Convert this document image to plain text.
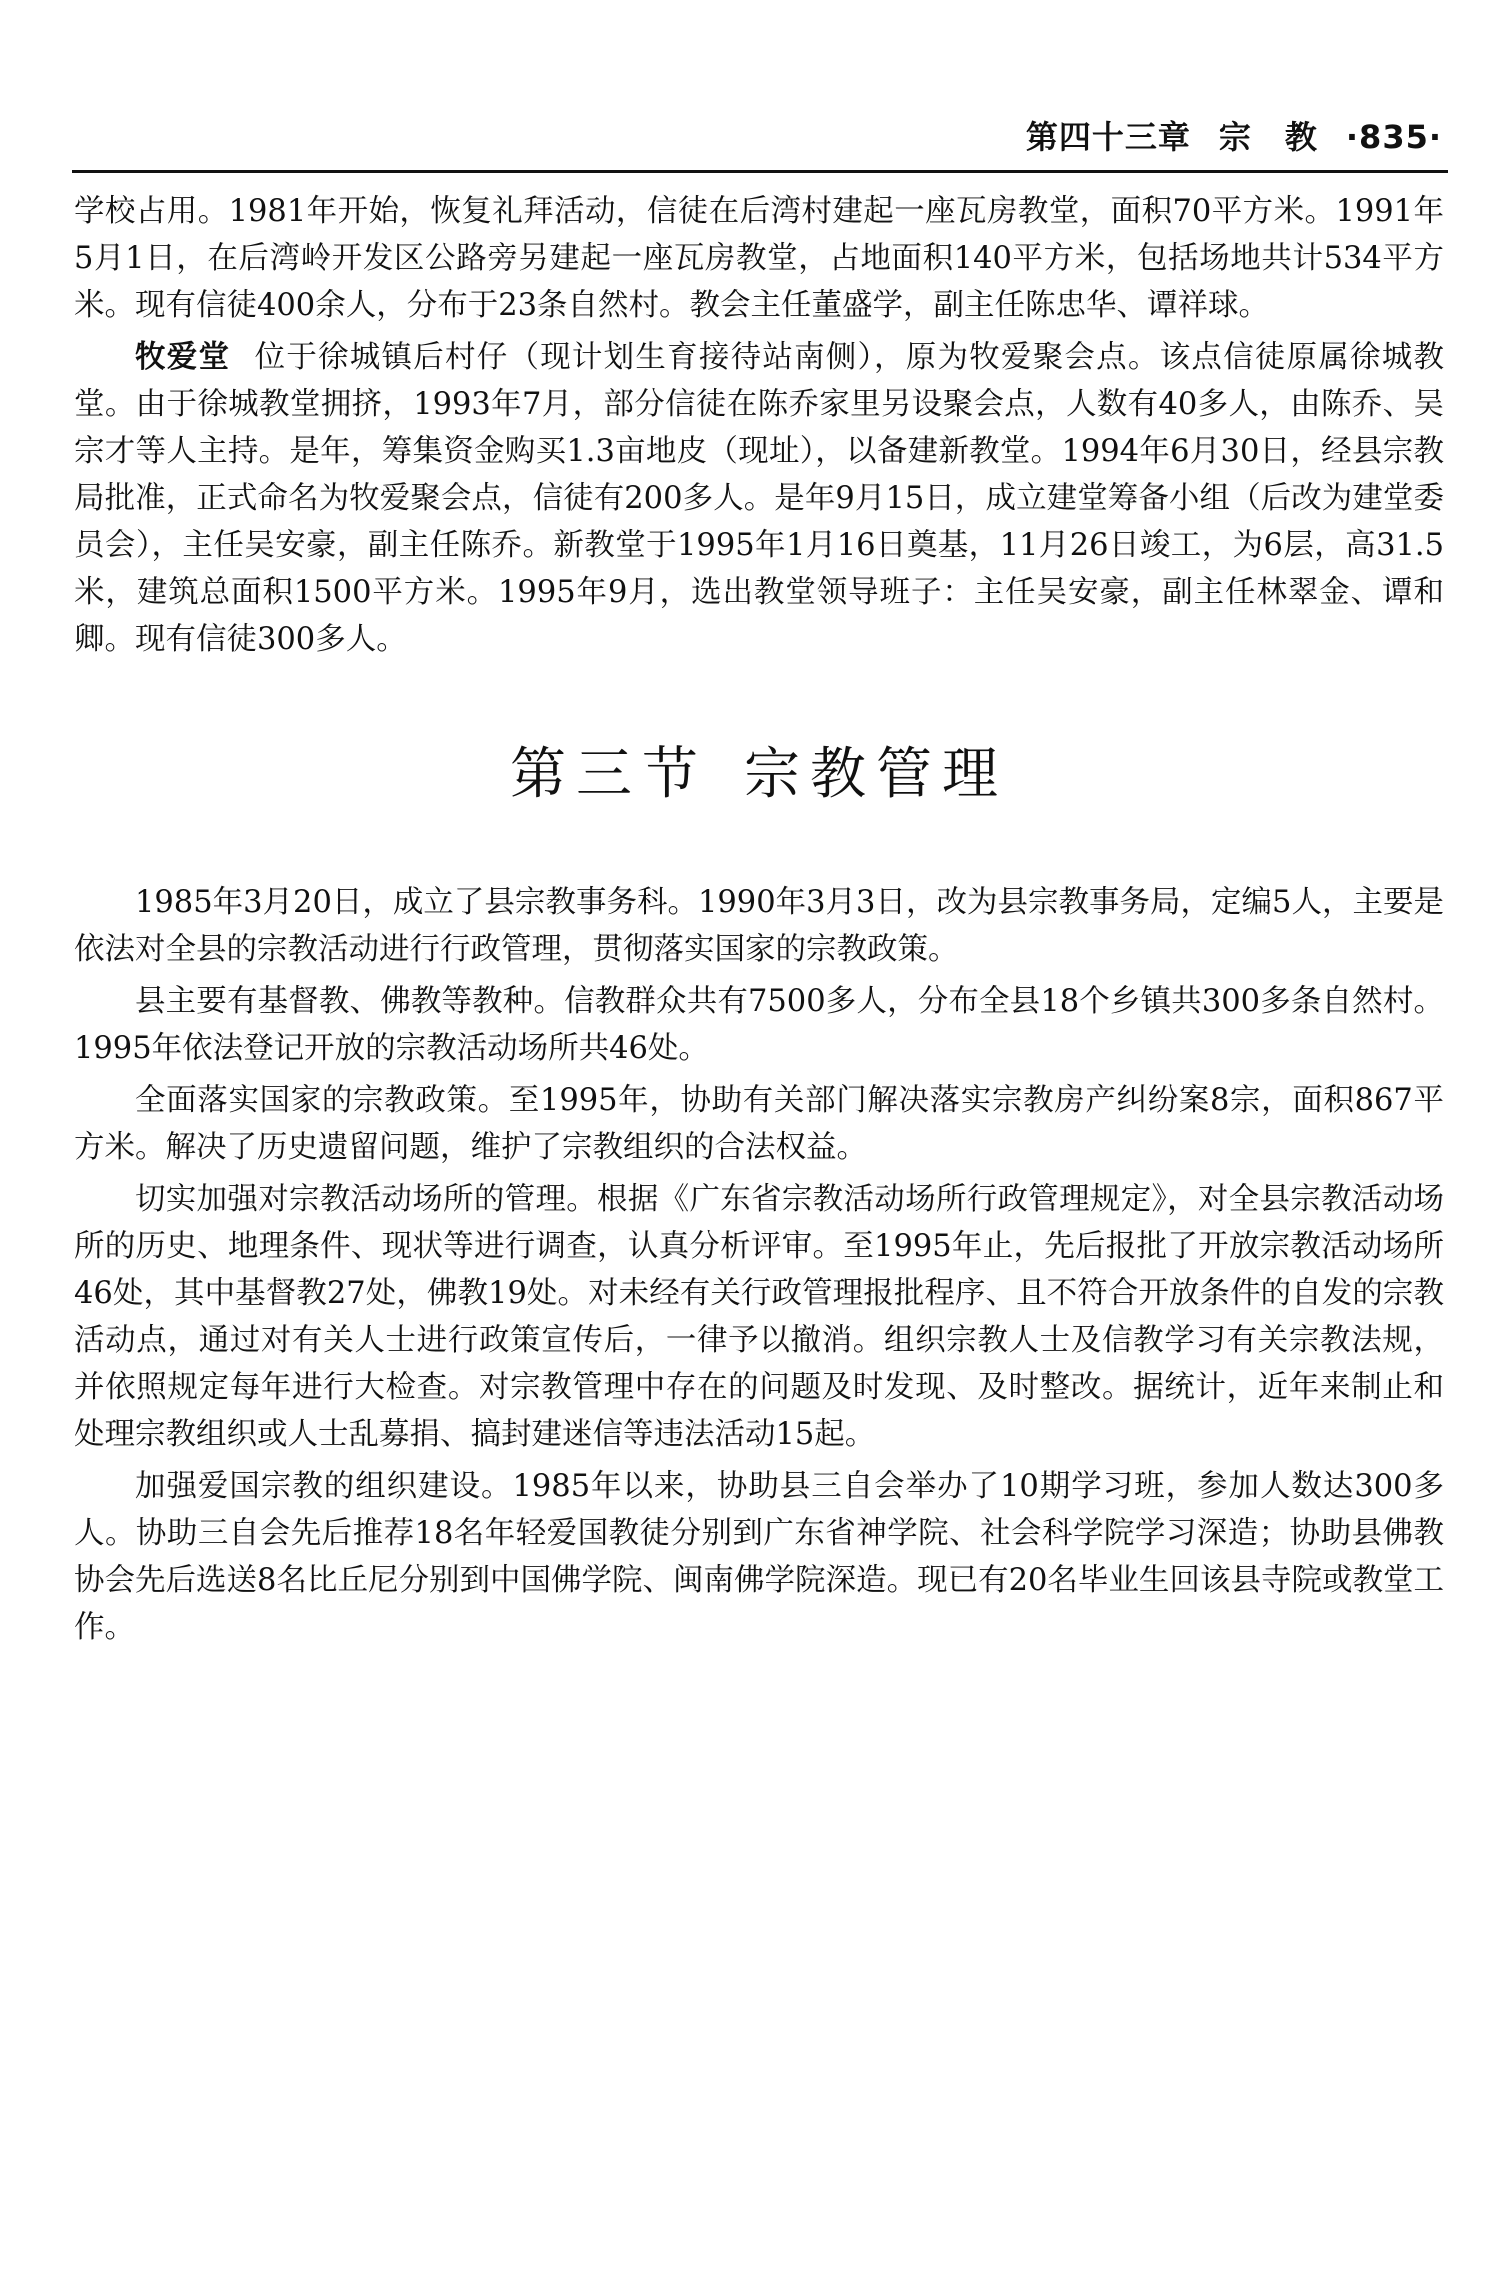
第四十三章 宗　教 ·835·

学校占用。1981年开始，恢复礼拜活动，信徒在后湾村建起一座瓦房教堂，面积70平方米。1991年5月1日，在后湾岭开发区公路旁另建起一座瓦房教堂，占地面积140平方米，包括场地共计534平方米。现有信徒400余人，分布于23条自然村。教会主任董盛学，副主任陈忠华、谭祥球。

牧爱堂 位于徐城镇后村仔（现计划生育接待站南侧），原为牧爱聚会点。该点信徒原属徐城教堂。由于徐城教堂拥挤，1993年7月，部分信徒在陈乔家里另设聚会点，人数有40多人，由陈乔、吴宗才等人主持。是年，筹集资金购买1.3亩地皮（现址），以备建新教堂。1994年6月30日，经县宗教局批准，正式命名为牧爱聚会点，信徒有200多人。是年9月15日，成立建堂筹备小组（后改为建堂委员会），主任吴安豪，副主任陈乔。新教堂于1995年1月16日奠基，11月26日竣工，为6层，高31.5米，建筑总面积1500平方米。1995年9月，选出教堂领导班子：主任吴安豪，副主任林翠金、谭和卿。现有信徒300多人。

第三节 宗教管理

1985年3月20日，成立了县宗教事务科。1990年3月3日，改为县宗教事务局，定编5人，主要是依法对全县的宗教活动进行行政管理，贯彻落实国家的宗教政策。

县主要有基督教、佛教等教种。信教群众共有7500多人，分布全县18个乡镇共300多条自然村。1995年依法登记开放的宗教活动场所共46处。

全面落实国家的宗教政策。至1995年，协助有关部门解决落实宗教房产纠纷案8宗，面积867平方米。解决了历史遗留问题，维护了宗教组织的合法权益。

切实加强对宗教活动场所的管理。根据《广东省宗教活动场所行政管理规定》，对全县宗教活动场所的历史、地理条件、现状等进行调查，认真分析评审。至1995年止，先后报批了开放宗教活动场所46处，其中基督教27处，佛教19处。对未经有关行政管理报批程序、且不符合开放条件的自发的宗教活动点，通过对有关人士进行政策宣传后，一律予以撤消。组织宗教人士及信教学习有关宗教法规，并依照规定每年进行大检查。对宗教管理中存在的问题及时发现、及时整改。据统计，近年来制止和处理宗教组织或人士乱募捐、搞封建迷信等违法活动15起。

加强爱国宗教的组织建设。1985年以来，协助县三自会举办了10期学习班，参加人数达300多人。协助三自会先后推荐18名年轻爱国教徒分别到广东省神学院、社会科学院学习深造；协助县佛教协会先后选送8名比丘尼分别到中国佛学院、闽南佛学院深造。现已有20名毕业生回该县寺院或教堂工作。
